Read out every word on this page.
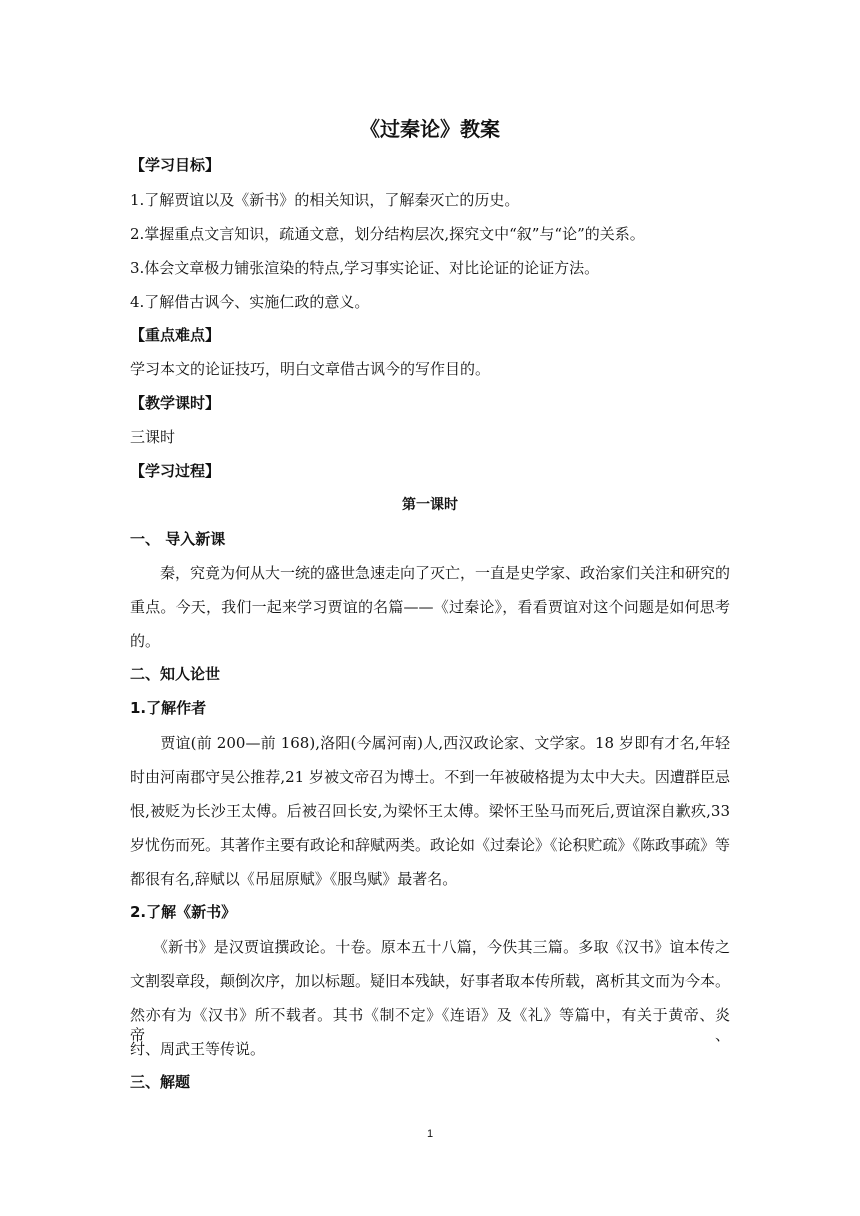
《过秦论》教案
【学习目标】
1.了解贾谊以及《新书》的相关知识，了解秦灭亡的历史。
2.掌握重点文言知识，疏通文意，划分结构层次,探究文中“叙”与“论”的关系。
3.体会文章极力铺张渲染的特点,学习事实论证、对比论证的论证方法。
4.了解借古讽今、实施仁政的意义。
【重点难点】
学习本文的论证技巧，明白文章借古讽今的写作目的。
【教学课时】
三课时
【学习过程】
第一课时
一、 导入新课
　　秦，究竟为何从大一统的盛世急速走向了灭亡，一直是史学家、政治家们关注和研究的
重点。今天，我们一起来学习贾谊的名篇——《过秦论》，看看贾谊对这个问题是如何思考
的。
二、知人论世
1.了解作者
　　贾谊(前 200—前 168),洛阳(今属河南)人,西汉政论家、文学家。18 岁即有才名,年轻
时由河南郡守吴公推荐,21 岁被文帝召为博士。不到一年被破格提为太中大夫。因遭群臣忌
恨,被贬为长沙王太傅。后被召回长安,为梁怀王太傅。梁怀王坠马而死后,贾谊深自歉疚,33
岁忧伤而死。其著作主要有政论和辞赋两类。政论如《过秦论》《论积贮疏》《陈政事疏》等
都很有名,辞赋以《吊屈原赋》《服鸟赋》最著名。
2.了解《新书》
　　《新书》是汉贾谊撰政论。十卷。原本五十八篇，今佚其三篇。多取《汉书》谊本传之
文割裂章段，颠倒次序，加以标题。疑旧本残缺，好事者取本传所载，离析其文而为今本。
然亦有为《汉书》所不载者。其书《制不定》《连语》及《礼》等篇中，有关于黄帝、炎帝、
纣、周武王等传说。
三、解题
1
